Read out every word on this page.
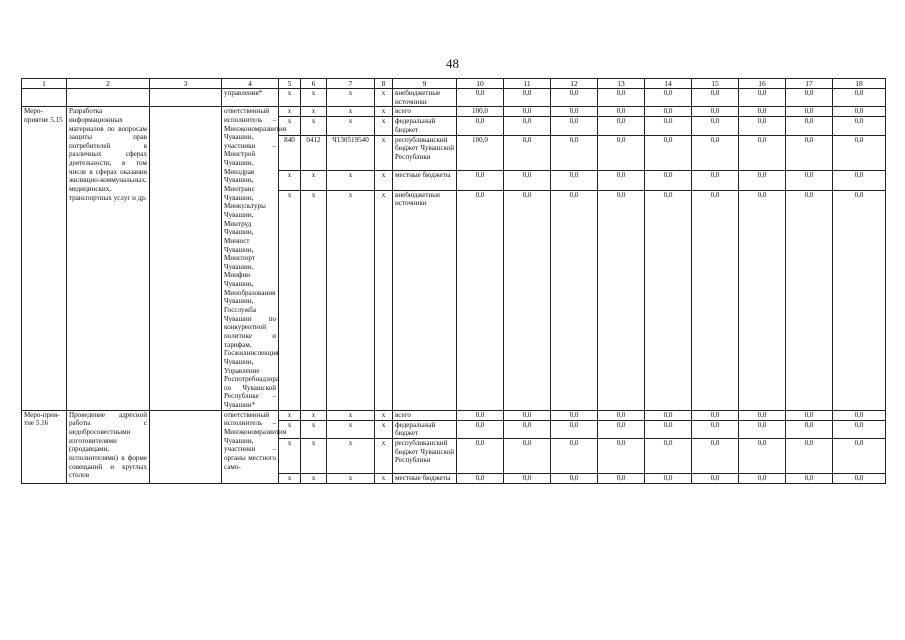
48
1	2	3	4	5	6	7	8	9	10	11	12	13	14	15	16	17	18
			управления*	x	x	x	x	внебюджетные источники	0,0	0,0	0,0	0,0	0,0	0,0	0,0	0,0	0,0
Меро-приятие 5.15	Разработка информационных материалов по вопросам защиты прав потребителей в различных сферах деятельности, в том числе в сферах оказания жилищно-коммунальных, медицинских, транспортных услуг и др.		ответственный исполнитель – Минэкономразвития Чувашии, участники – Минстрой Чувашии, Минздрав Чувашии, Минтранс Чувашии, Минкультуры Чувашии, Минтруд Чувашии, Минюст Чувашии, Минспорт Чувашии, Минфин Чувашии, Минобразования Чувашии, Госслужба Чувашии по конкурентной политике и тарифам, Госжилинспекция Чувашии, Управление Роспотребнадзора по Чувашской Республике – Чувашии*	x	x	x	x	всего	100,0	0,0	0,0	0,0	0,0	0,0	0,0	0,0	0,0
				x	x	x	x	федеральный бюджет	0,0	0,0	0,0	0,0	0,0	0,0	0,0	0,0	0,0
				840	0412	Ч130519540	x	республиканский бюджет Чувашской Республики	100,0	0,0	0,0	0,0	0,0	0,0	0,0	0,0	0,0
				x	x	x	x	местные бюджеты	0,0	0,0	0,0	0,0	0,0	0,0	0,0	0,0	0,0
				x	x	x	x	внебюджетные источники	0,0	0,0	0,0	0,0	0,0	0,0	0,0	0,0	0,0
Меро-прия-тие 5.16	Проведение адресной работы с недобросовестными изготовителями (продавцами, исполнителями) в форме совещаний и круглых столов		ответственный исполнитель – Минэкономразвития Чувашии, участники – органы местного само-	x	x	x	x	всего	0,0	0,0	0,0	0,0	0,0	0,0	0,0	0,0	0,0
				x	x	x	x	федеральный бюджет	0,0	0,0	0,0	0,0	0,0	0,0	0,0	0,0	0,0
				x	x	x	x	республиканский бюджет Чувашской Республики	0,0	0,0	0,0	0,0	0,0	0,0	0,0	0,0	0,0
				x	x	x	x	местные бюджеты	0,0	0,0	0,0	0,0	0,0	0,0	0,0	0,0	0,0
